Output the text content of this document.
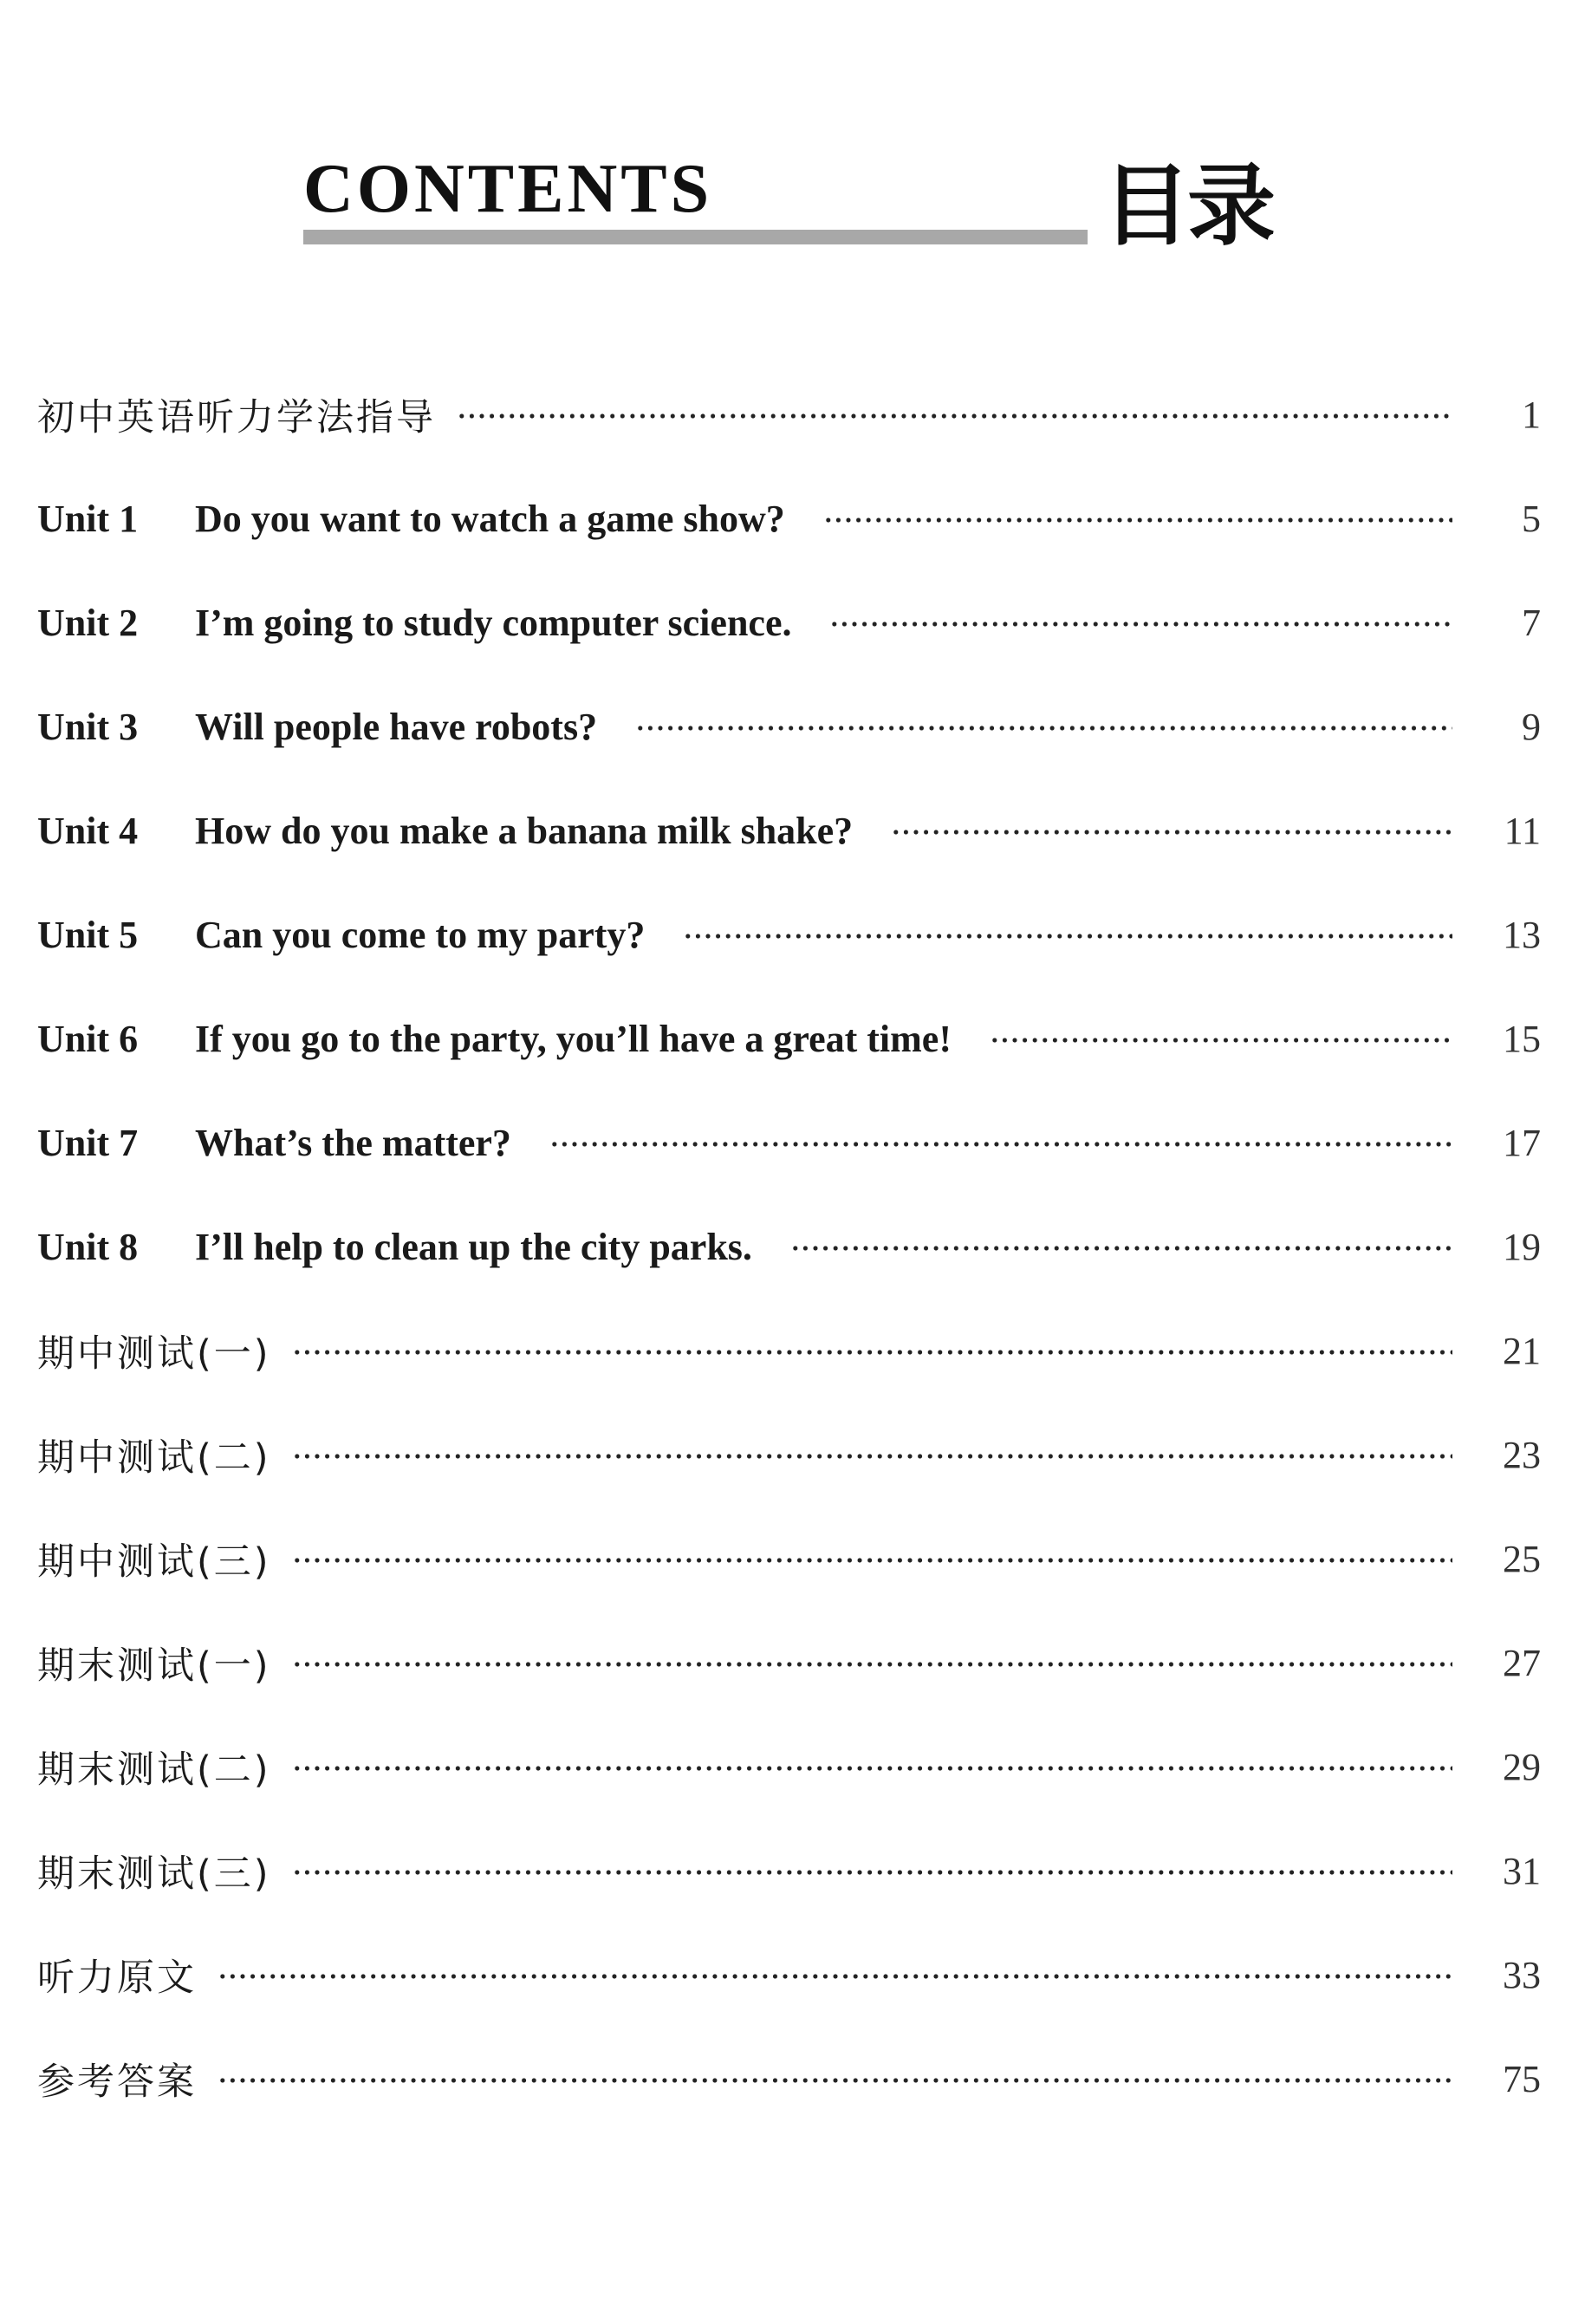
CONTENTS	目录
初中英语听力学法指导	1
Unit 1	Do you want to watch a game show?	5
Unit 2	I’m going to study computer science.	7
Unit 3	Will people have robots?	9
Unit 4	How do you make a banana milk shake?	11
Unit 5	Can you come to my party?	13
Unit 6	If you go to the party, you’ll have a great time!	15
Unit 7	What’s the matter?	17
Unit 8	I’ll help to clean up the city parks.	19
期中测试(一)	21
期中测试(二)	23
期中测试(三)	25
期末测试(一)	27
期末测试(二)	29
期末测试(三)	31
听力原文	33
参考答案	75
